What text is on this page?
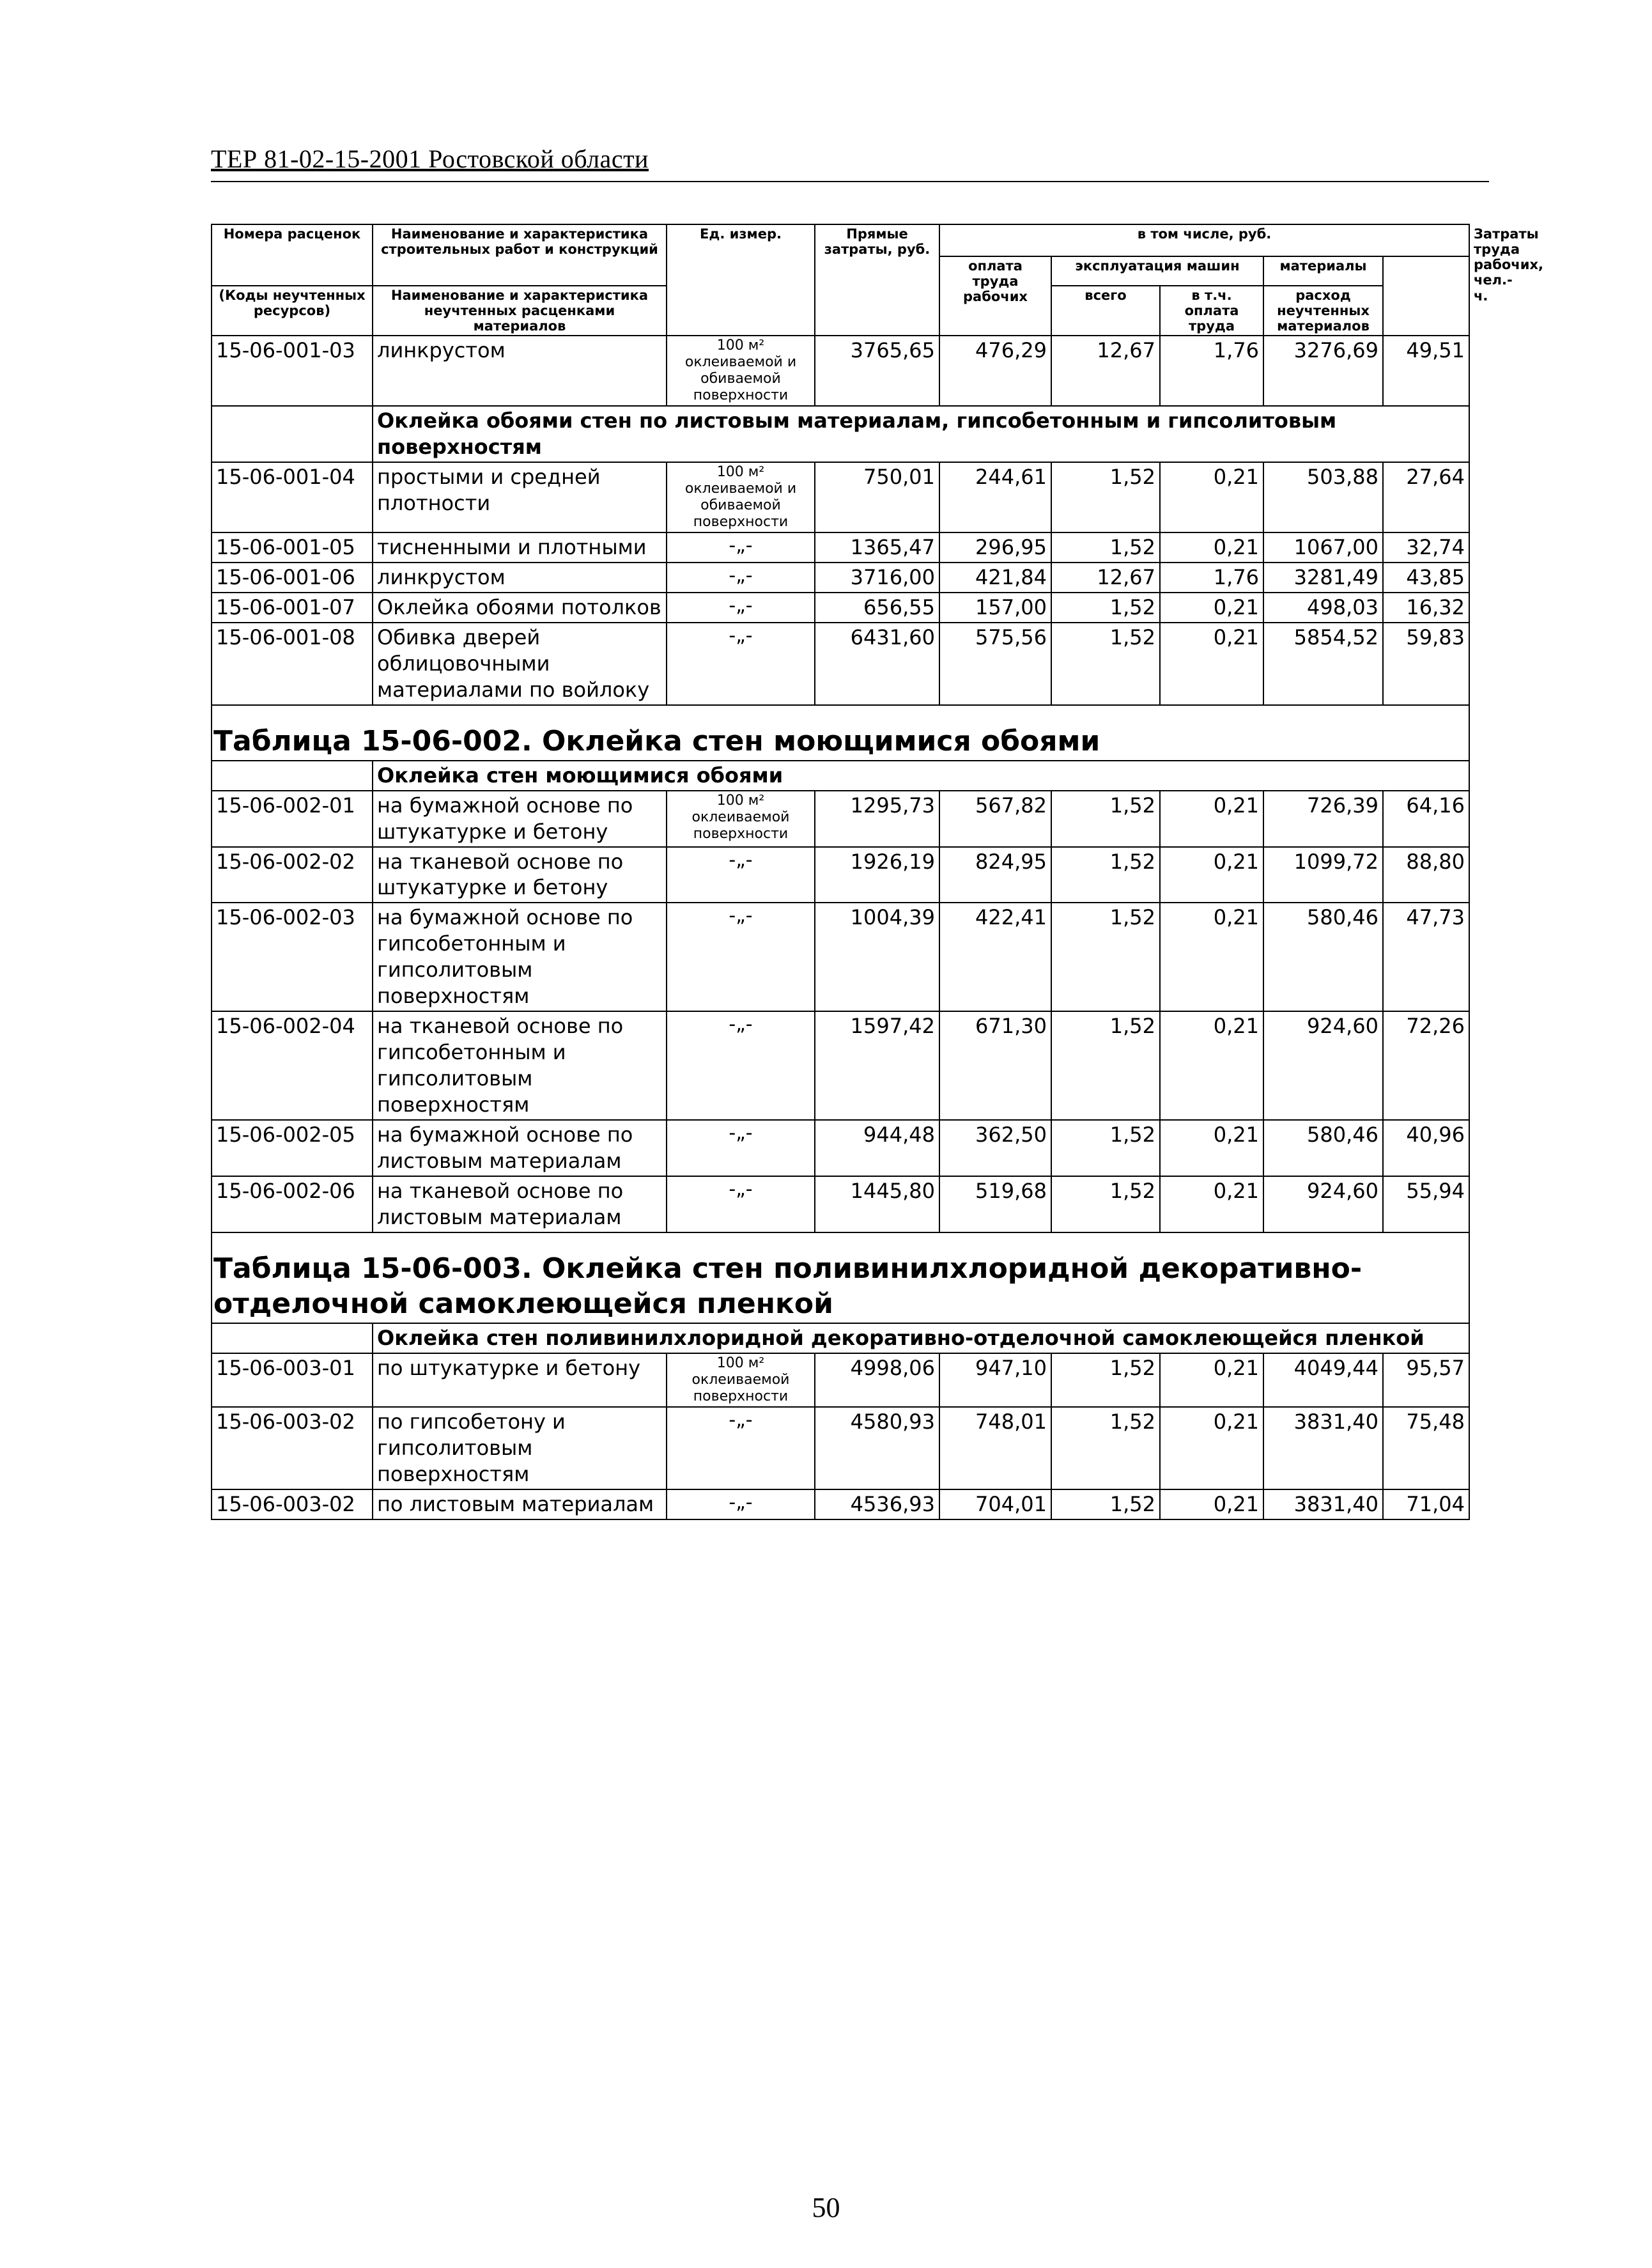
ТЕР 81-02-15-2001 Ростовской области
Номера расценок	Наименование и характеристика строительных работ и конструкций	Ед. измер.	Прямые затраты, руб.	в том числе, руб.					Затраты труда рабочих, чел.-ч.
				оплата труда рабочих	эксплуатация машин		материалы		
(Коды неучтенных ресурсов)	Наименование и характеристика неучтенных расценками материалов				всего	в т.ч. оплата труда	расход неучтенных материалов		

15-06-001-03	линкрустом	100 м² оклеиваемой и обиваемой поверхности	3765,65	476,29	12,67	1,76	3276,69	49,51	
	Оклейка обоями стен по листовым материалам, гипсобетонным и гипсолитовым поверхностям								
15-06-001-04	простыми и средней плотности	100 м² оклеиваемой и обиваемой поверхности	750,01	244,61	1,52	0,21	503,88	27,64	
15-06-001-05	тисненными и плотными	-„-	1365,47	296,95	1,52	0,21	1067,00	32,74	
15-06-001-06	линкрустом	-„-	3716,00	421,84	12,67	1,76	3281,49	43,85	
15-06-001-07	Оклейка обоями потолков	-„-	656,55	157,00	1,52	0,21	498,03	16,32	
15-06-001-08	Обивка дверей облицовочными материалами по войлоку	-„-	6431,60	575,56	1,52	0,21	5854,52	59,83	
Таблица 15-06-002. Оклейка стен моющимися обоями									
	Оклейка стен моющимися обоями								
15-06-002-01	на бумажной основе по штукатурке и бетону	100 м² оклеиваемой поверхности	1295,73	567,82	1,52	0,21	726,39	64,16	
15-06-002-02	на тканевой основе по штукатурке и бетону	-„-	1926,19	824,95	1,52	0,21	1099,72	88,80	
15-06-002-03	на бумажной основе по гипсобетонным и гипсолитовым поверхностям	-„-	1004,39	422,41	1,52	0,21	580,46	47,73	
15-06-002-04	на тканевой основе по гипсобетонным и гипсолитовым поверхностям	-„-	1597,42	671,30	1,52	0,21	924,60	72,26	
15-06-002-05	на бумажной основе по листовым материалам	-„-	944,48	362,50	1,52	0,21	580,46	40,96	
15-06-002-06	на тканевой основе по листовым материалам	-„-	1445,80	519,68	1,52	0,21	924,60	55,94	
Таблица 15-06-003. Оклейка стен поливинилхлоридной декоративно-отделочной самоклеющейся пленкой									
	Оклейка стен поливинилхлоридной декоративно-отделочной самоклеющейся пленкой								
15-06-003-01	по штукатурке и бетону	100 м² оклеиваемой поверхности	4998,06	947,10	1,52	0,21	4049,44	95,57	
15-06-003-02	по гипсобетону и гипсолитовым поверхностям	-„-	4580,93	748,01	1,52	0,21	3831,40	75,48	
15-06-003-02	по листовым материалам	-„-	4536,93	704,01	1,52	0,21	3831,40	71,04	
50
